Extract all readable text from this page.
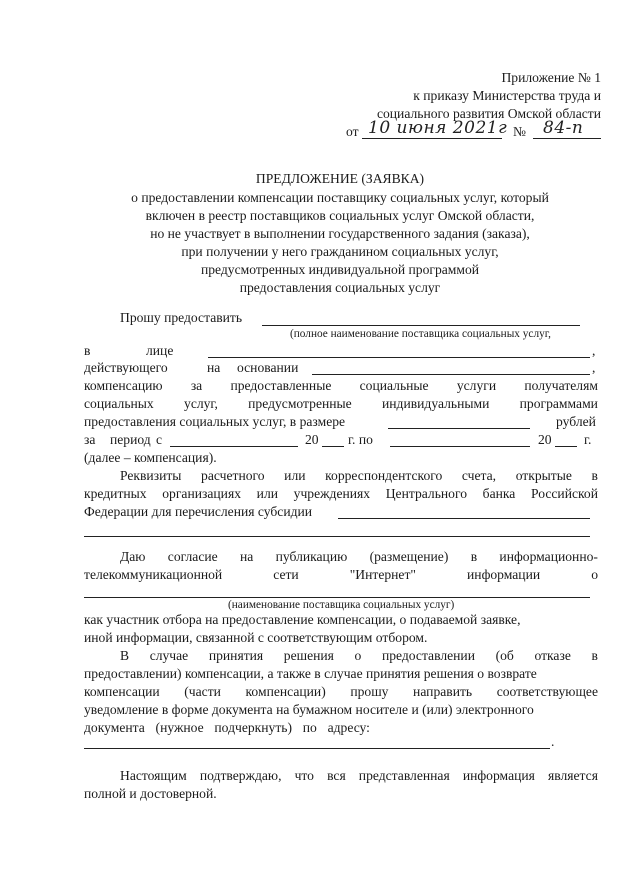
Приложение № 1
к приказу Министерства труда и
социального развития Омской области
от 10 июня 2021г № 84-п
ПРЕДЛОЖЕНИЕ (ЗАЯВКА)
о предоставлении компенсации поставщику социальных услуг, который
включен в реестр поставщиков социальных услуг Омской области,
но не участвует в выполнении государственного задания (заказа),
при получении у него гражданином социальных услуг,
предусмотренных индивидуальной программой
предоставления социальных услуг
Прошу предоставить
(полное наименование поставщика социальных услуг,
в	лице	,
действующего	на основании	,
компенсацию за предоставленные социальные услуги получателям
социальных услуг, предусмотренные индивидуальными программами
предоставления социальных услуг, в размере	рублей
за период с	20 г. по	20 г.
(далее – компенсация).
Реквизиты расчетного или корреспондентского счета, открытые в
кредитных организациях или учреждениях Центрального банка Российской
Федерации для перечисления субсидии
Даю согласие на публикацию (размещение) в информационно-
телекоммуникационной	сети	"Интернет"	информации	о
(наименование поставщика социальных услуг)
как участник отбора на предоставление компенсации, о подаваемой заявке,
иной информации, связанной с соответствующим отбором.
В случае принятия решения о предоставлении (об отказе в
предоставлении) компенсации, а также в случае принятия решения о возврате
компенсации (части компенсации) прошу направить соответствующее
уведомление в форме документа на бумажном носителе и (или) электронного
документа (нужное подчеркнуть) по адресу:
.
Настоящим подтверждаю, что вся представленная информация является
полной и достоверной.
